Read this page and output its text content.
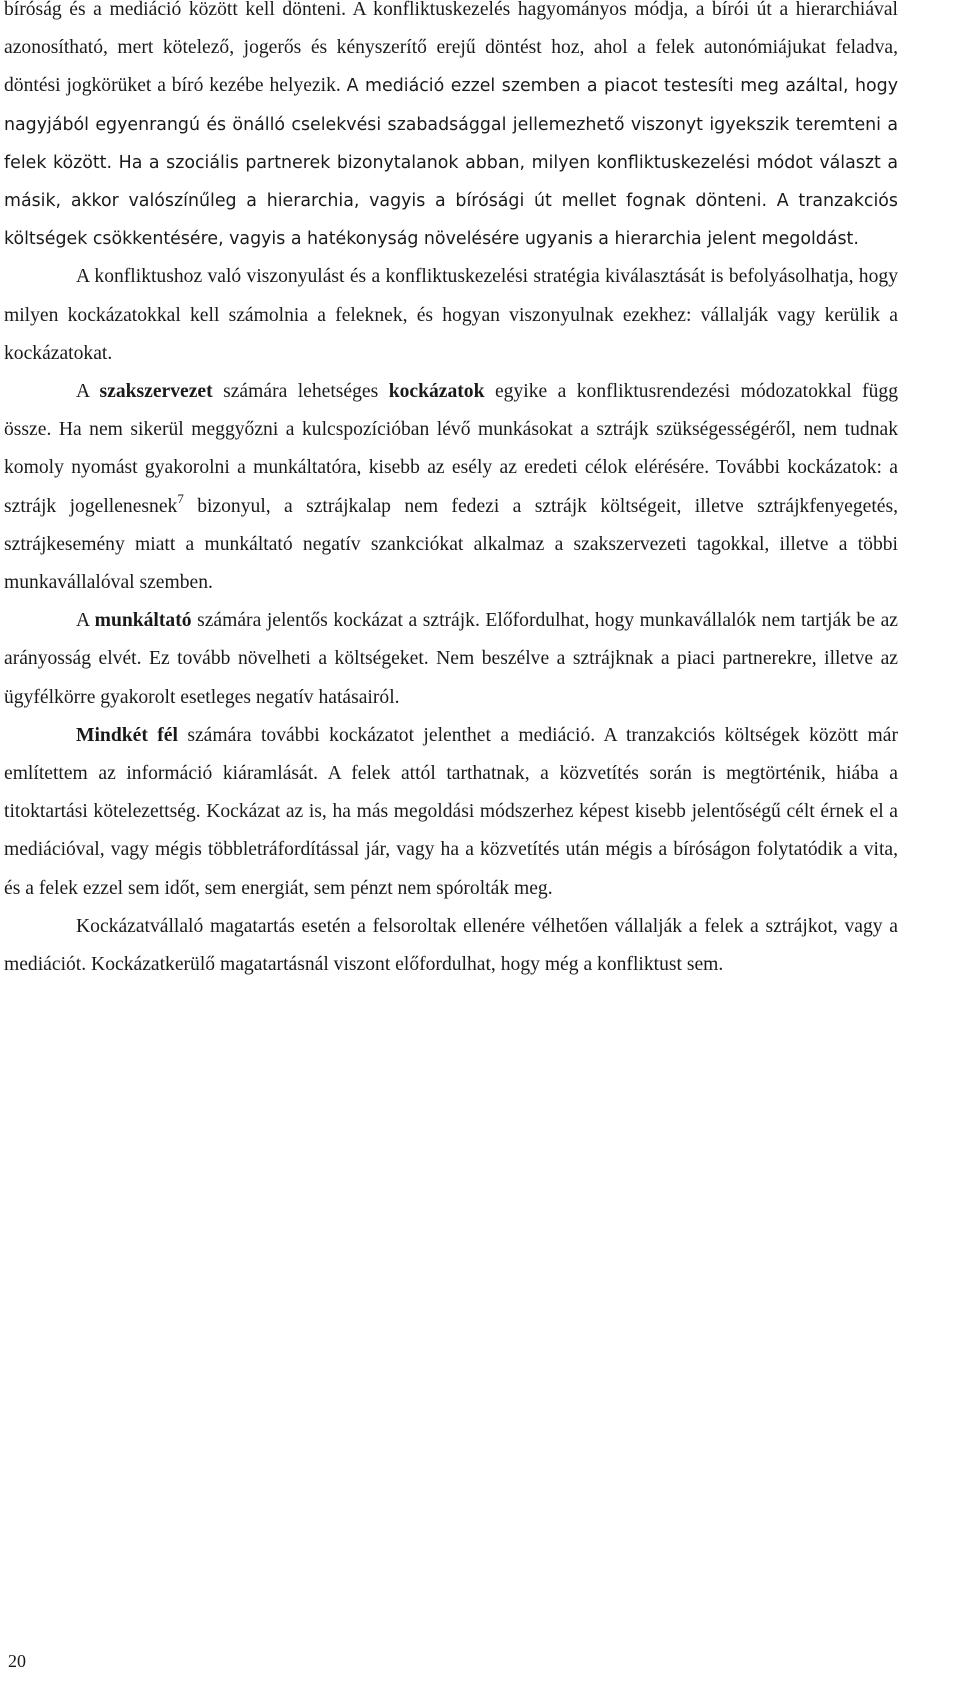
bíróság és a mediáció között kell dönteni. A konfliktuskezelés hagyományos módja, a bírói út a hierarchiával azonosítható, mert kötelező, jogerős és kényszerítő erejű döntést hoz, ahol a felek autonómiájukat feladva, döntési jogkörüket a bíró kezébe helyezik. A mediáció ezzel szemben a piacot testesíti meg azáltal, hogy nagyjából egyenrangú és önálló cselekvési szabadsággal jellemezhető viszonyt igyekszik teremteni a felek között. Ha a szociális partnerek bizonytalanok abban, milyen konfliktuskezelési módot választ a másik, akkor valószínűleg a hierarchia, vagyis a bírósági út mellet fognak dönteni. A tranzakciós költségek csökkentésére, vagyis a hatékonyság növelésére ugyanis a hierarchia jelent megoldást.

A konfliktushoz való viszonyulást és a konfliktuskezelési stratégia kiválasztását is befolyásolhatja, hogy milyen kockázatokkal kell számolnia a feleknek, és hogyan viszonyulnak ezekhez: vállalják vagy kerülik a kockázatokat.

A szakszervezet számára lehetséges kockázatok egyike a konfliktusrendezési módozatokkal függ össze. Ha nem sikerül meggyőzni a kulcspozícióban lévő munkásokat a sztrájk szükségességéről, nem tudnak komoly nyomást gyakorolni a munkáltatóra, kisebb az esély az eredeti célok elérésére. További kockázatok: a sztrájk jogellenesnek$^7$ bizonyul, a sztrájkalap nem fedezi a sztrájk költségeit, illetve sztrájkfenyegetés, sztrájkesemény miatt a munkáltató negatív szankciókat alkalmaz a szakszervezeti tagokkal, illetve a többi munkavállalóval szemben.

A munkáltató számára jelentős kockázat a sztrájk. Előfordulhat, hogy munkavállalók nem tartják be az arányosság elvét. Ez tovább növelheti a költségeket. Nem beszélve a sztrájknak a piaci partnerekre, illetve az ügyfélkörre gyakorolt esetleges negatív hatásairól.

Mindkét fél számára további kockázatot jelenthet a mediáció. A tranzakciós költségek között már említettem az információ kiáramlását. A felek attól tarthatnak, a közvetítés során is megtörténik, hiába a titoktartási kötelezettség. Kockázat az is, ha más megoldási módszerhez képest kisebb jelentőségű célt érnek el a mediációval, vagy mégis többletráfordítással jár, vagy ha a közvetítés után mégis a bíróságon folytatódik a vita, és a felek ezzel sem időt, sem energiát, sem pénzt nem spórolták meg.

Kockázatvállaló magatartás esetén a felsoroltak ellenére vélhetően vállalják a felek a sztrájkot, vagy a mediációt. Kockázatkerülő magatartásnál viszont előfordulhat, hogy még a konfliktust sem.

20
